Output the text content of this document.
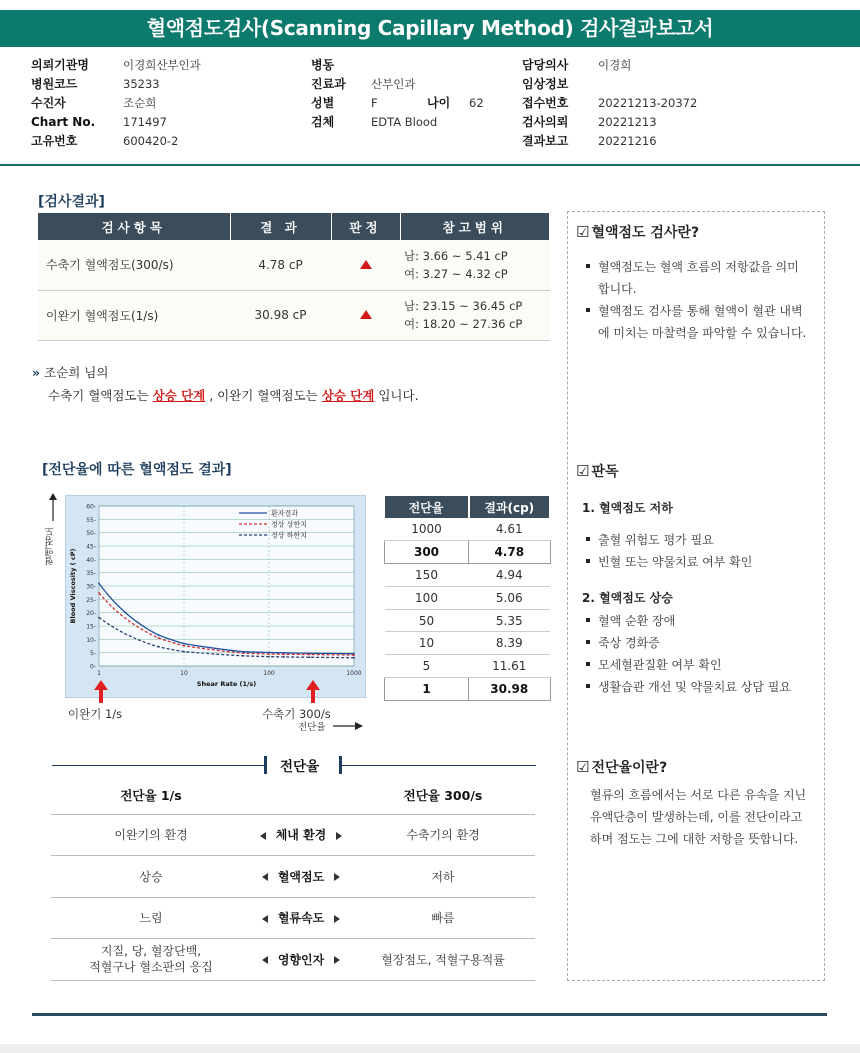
혈액점도검사(Scanning Capillary Method) 검사결과보고서
의뢰기관명	이경희산부인과
병원코드	35233
수진자	조순희
Chart No. 171497
고유번호	600420-2
병동
진료과 산부인과
성별	F	나이 62
검체	EDTA Blood
담당의사	이경희
임상정보
접수번호	20221213-20372
검사의뢰	20221213
결과보고	20221216
[검사결과]
검사항목	결 과	판정	참고범위
수축기 혈액점도(300/s)	4.78 cP		남: 3.66 ~ 5.41 cP
여: 3.27 ~ 4.32 cP

이완기 혈액점도(1/s)	30.98 cP		남: 23.15 ~ 36.45 cP
여: 18.20 ~ 27.36 cP
» 조순희 님의
수축기 혈액점도는 상승 단계 , 이완기 혈액점도는 상승 단계 입니다.
[전단율에 따른 혈액점도 결과]
혈액점도
0-
5-
10-
15-
20-
25-
30-
35-
40-
45-
50-
55-
60-
1	10	100	1000
Shear Rate (1/s)
Blood Viscosity ( cP)
환자결과
정상 상한치
정상 하한치
이완기 1/s	수축기 300/s
전단율
전단율	결과(cp)
1000	4.61
300	4.78
150	4.94
100	5.06
50	5.35
10	8.39
5	11.61
1	30.98
전단율
전단율 1/s		전단율 300/s
이완기의 환경	체내 환경	수축기의 환경
상승	혈액점도	저하
느림	혈류속도	빠름

지질, 당, 혈장단백,
적혈구나 혈소판의 응집	영향인자	혈장점도, 적혈구용적률
☑ 혈액점도 검사란?
혈액점도는 혈액 흐름의 저항값을 의미합니다.
혈액점도 검사를 통해 혈액이 혈관 내벽에 미치는 마찰력을 파악할 수 있습니다.
☑ 판독
1. 혈액점도 저하
출혈 위험도 평가 필요
빈혈 또는 약물치료 여부 확인
2. 혈액점도 상승
혈액 순환 장애
죽상 경화증
모세혈관질환 여부 확인
생활습관 개선 및 약물치료 상담 필요
☑ 전단율이란?
혈류의 흐름에서는 서로 다른 유속을 지닌 유액단층이 발생하는데, 이를 전단이라고 하며 점도는 그에 대한 저항을 뜻합니다.
